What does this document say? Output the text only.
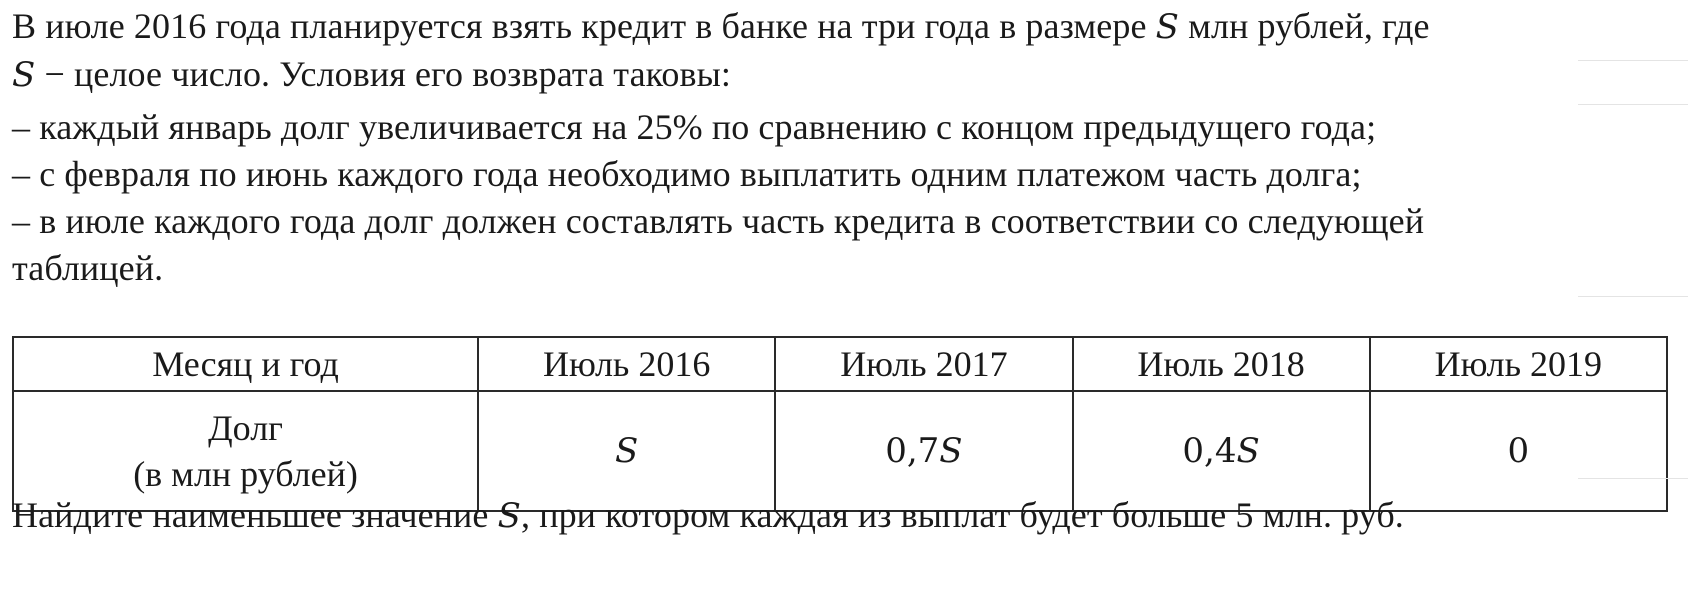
В июле 2016 года планируется взять кредит в банке на три года в размере S млн рублей, где
S − целое число. Условия его возврата таковы:
– каждый январь долг увеличивается на 25% по сравнению с концом предыдущего года;
– с февраля по июнь каждого года необходимо выплатить одним платежом часть долга;
– в июле каждого года долг должен составлять часть кредита в соответствии со следующей
таблицей.
Месяц и год	Июль 2016	Июль 2017	Июль 2018	Июль 2019

Долг
(в млн рублей)	S	0,7S	0,4S	0
Найдите наименьшее значение S, при котором каждая из выплат будет больше 5 млн. руб.
